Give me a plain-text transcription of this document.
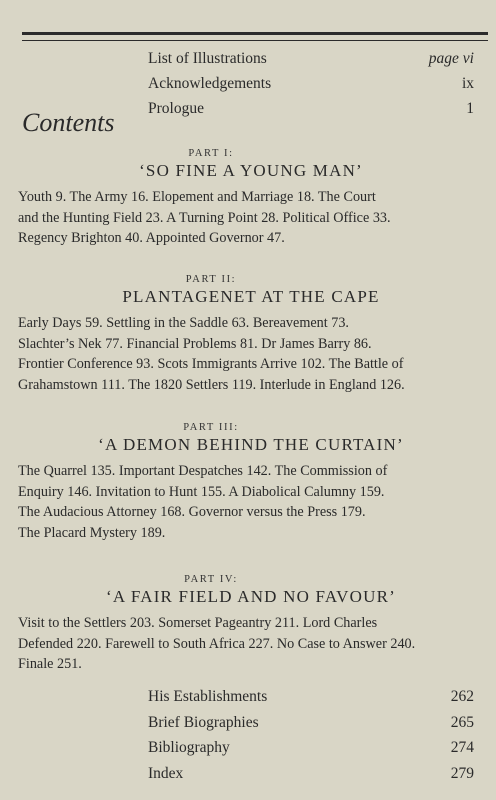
List of Illustrations	page vi
Acknowledgements	ix
Prologue	1
Contents
PART I:
‘SO FINE A YOUNG MAN’
Youth 9. The Army 16. Elopement and Marriage 18. The Court
and the Hunting Field 23. A Turning Point 28. Political Office 33.
Regency Brighton 40. Appointed Governor 47.
PART II:
PLANTAGENET AT THE CAPE
Early Days 59. Settling in the Saddle 63. Bereavement 73.
Slachter’s Nek 77. Financial Problems 81. Dr James Barry 86.
Frontier Conference 93. Scots Immigrants Arrive 102. The Battle of
Grahamstown 111. The 1820 Settlers 119. Interlude in England 126.
PART III:
‘A DEMON BEHIND THE CURTAIN’
The Quarrel 135. Important Despatches 142. The Commission of
Enquiry 146. Invitation to Hunt 155. A Diabolical Calumny 159.
The Audacious Attorney 168. Governor versus the Press 179.
The Placard Mystery 189.
PART IV:
‘A FAIR FIELD AND NO FAVOUR’
Visit to the Settlers 203. Somerset Pageantry 211. Lord Charles
Defended 220. Farewell to South Africa 227. No Case to Answer 240.
Finale 251.
His Establishments	262
Brief Biographies	265
Bibliography	274
Index	279
